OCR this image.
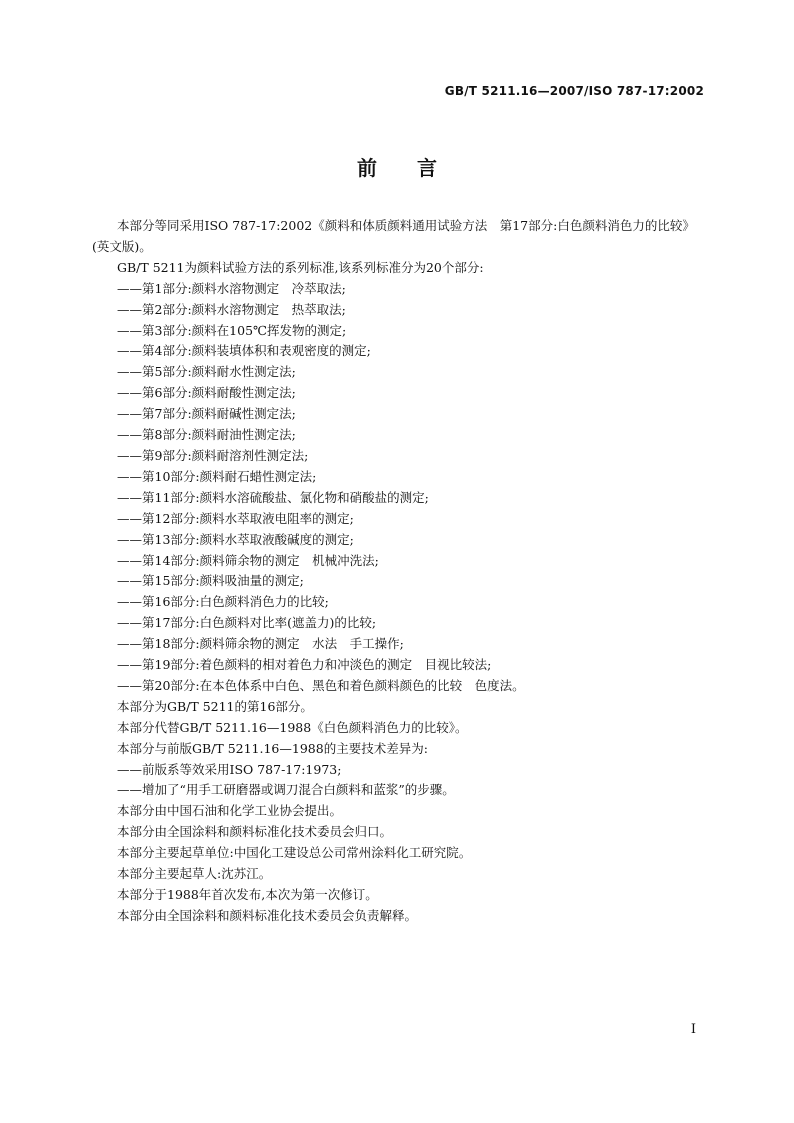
GB/T 5211.16—2007/ISO 787-17:2002
前言

本部分等同采用ISO 787-17:2002《颜料和体质颜料通用试验方法　第17部分:白色颜料消色力的比较》(英文版)。

GB/T 5211为颜料试验方法的系列标准,该系列标准分为20个部分:

——第1部分:颜料水溶物测定　冷萃取法;
——第2部分:颜料水溶物测定　热萃取法;
——第3部分:颜料在105℃挥发物的测定;
——第4部分:颜料装填体积和表观密度的测定;
——第5部分:颜料耐水性测定法;
——第6部分:颜料耐酸性测定法;
——第7部分:颜料耐碱性测定法;
——第8部分:颜料耐油性测定法;
——第9部分:颜料耐溶剂性测定法;
——第10部分:颜料耐石蜡性测定法;
——第11部分:颜料水溶硫酸盐、氯化物和硝酸盐的测定;
——第12部分:颜料水萃取液电阻率的测定;
——第13部分:颜料水萃取液酸碱度的测定;
——第14部分:颜料筛余物的测定　机械冲洗法;
——第15部分:颜料吸油量的测定;
——第16部分:白色颜料消色力的比较;
——第17部分:白色颜料对比率(遮盖力)的比较;
——第18部分:颜料筛余物的测定　水法　手工操作;
——第19部分:着色颜料的相对着色力和冲淡色的测定　目视比较法;
——第20部分:在本色体系中白色、黑色和着色颜料颜色的比较　色度法。

本部分为GB/T 5211的第16部分。

本部分代替GB/T 5211.16—1988《白色颜料消色力的比较》。

本部分与前版GB/T 5211.16—1988的主要技术差异为:

——前版系等效采用ISO 787-17:1973;
——增加了“用手工研磨器或调刀混合白颜料和蓝浆”的步骤。

本部分由中国石油和化学工业协会提出。

本部分由全国涂料和颜料标准化技术委员会归口。

本部分主要起草单位:中国化工建设总公司常州涂料化工研究院。

本部分主要起草人:沈苏江。

本部分于1988年首次发布,本次为第一次修订。

本部分由全国涂料和颜料标准化技术委员会负责解释。

I
